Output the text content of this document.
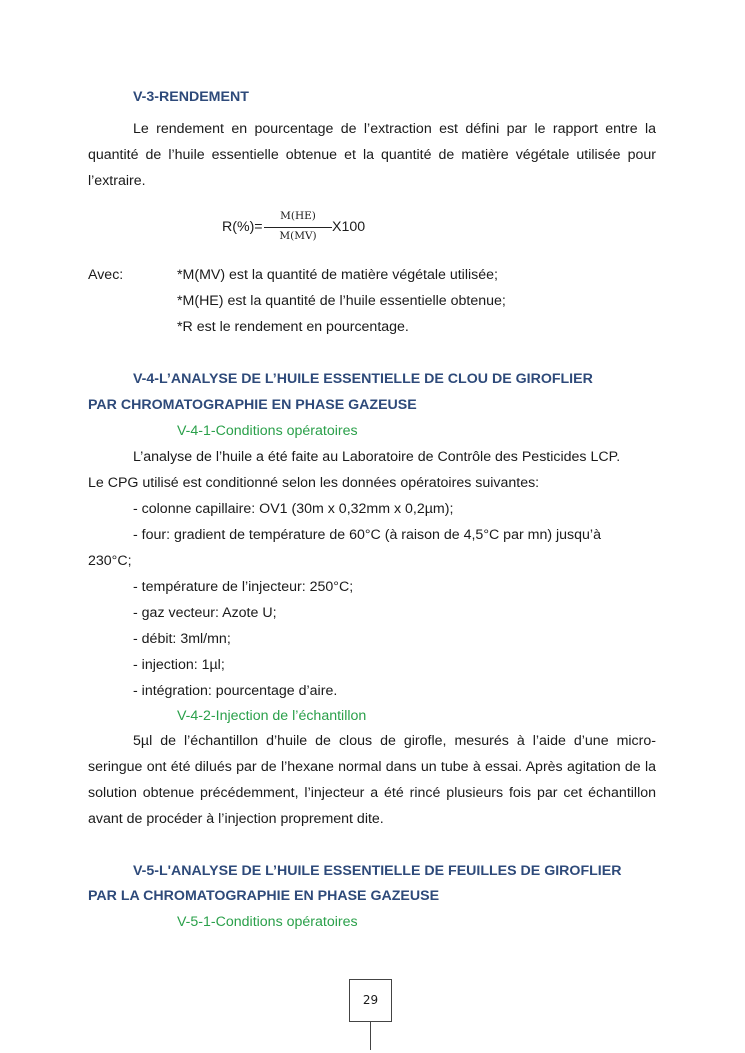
V-3-RENDEMENT
Le rendement en pourcentage de l’extraction est défini par le rapport entre la quantité de l’huile essentielle obtenue et la quantité de matière végétale utilisée pour l’extraire.
R(%)=
M(HE)
M(MV)
X100
Avec:	*M(MV) est la quantité de matière végétale utilisée;
*M(HE) est la quantité de l’huile essentielle obtenue;
*R est le rendement en pourcentage.
V-4-L’ANALYSE DE L’HUILE ESSENTIELLE DE CLOU DE GIROFLIER
PAR CHROMATOGRAPHIE EN PHASE GAZEUSE
V-4-1-Conditions opératoires
L’analyse de l’huile a été faite au Laboratoire de Contrôle des Pesticides LCP.
Le CPG utilisé est conditionné selon les données opératoires suivantes:
- colonne capillaire: OV1 (30m x 0,32mm x 0,2µm);
- four: gradient de température de 60°C (à raison de 4,5°C par mn) jusqu’à
230°C;
- température de l’injecteur: 250°C;
- gaz vecteur: Azote U;
- débit: 3ml/mn;
- injection: 1µl;
- intégration: pourcentage d’aire.
V-4-2-Injection de l’échantillon
5µl de l’échantillon d’huile de clous de girofle, mesurés à l’aide d’une micro-seringue ont été dilués par de l’hexane normal dans un tube à essai. Après agitation de la solution obtenue précédemment, l’injecteur a été rincé plusieurs fois par cet échantillon avant de procéder à l’injection proprement dite.
V-5-L'ANALYSE DE L’HUILE ESSENTIELLE DE FEUILLES DE GIROFLIER
PAR LA CHROMATOGRAPHIE EN PHASE GAZEUSE
V-5-1-Conditions opératoires
29
